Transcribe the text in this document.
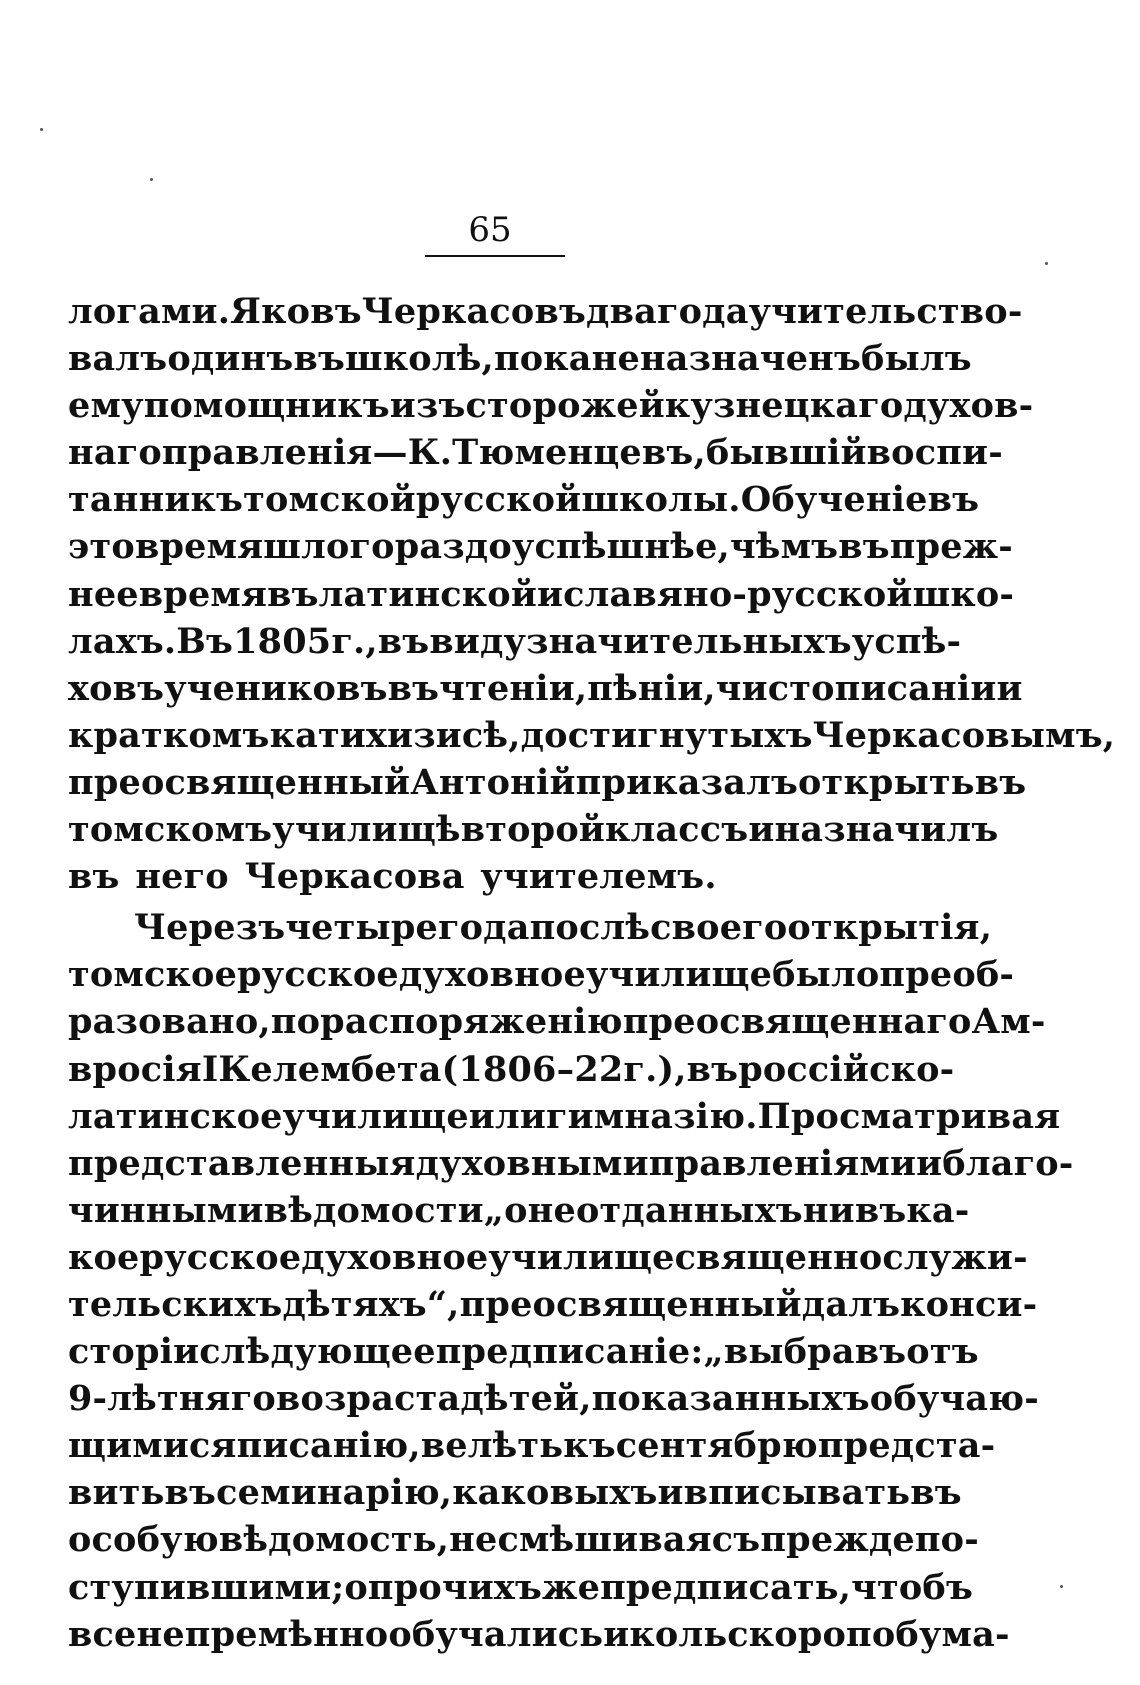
65
логами. Яковъ Черкасовъ два года учительство-
валъ одинъ въ школѣ, пока не назначенъ былъ
ему помощникъ изъ сторожей кузнецкаго духов-
наго правленія—К. Тюменцевъ, бывшій воспи-
танникъ томской русской школы. Обученіе въ
это время шло гораздо успѣшнѣе, чѣмъ въ преж-
нее время въ латинской и славяно-русской шко-
лахъ. Въ 1805 г., въ виду значительныхъ успѣ-
ховъ учениковъ въ чтеніи, пѣніи, чистописаніи и
краткомъ катихизисѣ, достигнутыхъ Черкасовымъ,
преосвященный Антоній приказалъ открыть въ
томскомъ училищѣ второй классъ и назначилъ
въ него Черкасова учителемъ.
Черезъ четыре года послѣ своего открытія,
томское русское духовное училище было преоб-
разовано, по распоряженію преосвященнаго Ам-
вросія I Келембета (1806 – 22 г.), въ россійско-
латинское училище или гимназію. Просматривая
представленныя духовными правленіями и благо-
чинными вѣдомости „о неотданныхъ ни въ ка-
кое русское духовное училище священнослужи-
тельскихъ дѣтяхъ“, преосвященный далъ конси-
сторіи слѣдующее предписаніе: „выбравъ отъ
9-лѣтняго возраста дѣтей, показанныхъ обучаю-
щимися писанію, велѣть къ сентябрю предста-
вить въ семинарію, каковыхъ и вписывать въ
особую вѣдомость, не смѣшивая съ прежде по-
ступившими; о прочихъ же предписать, чтобъ
всенепремѣнно обучались и коль скоро по бума-
